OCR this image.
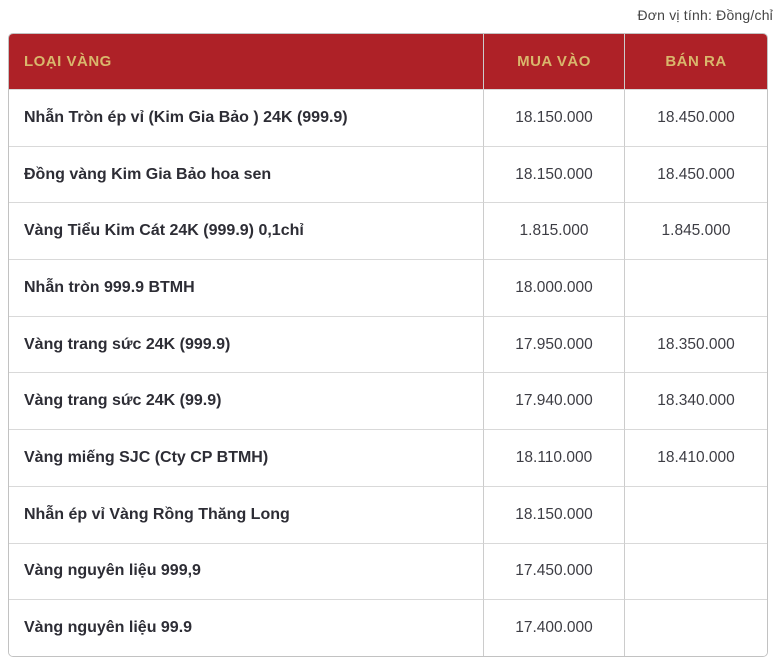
Đơn vị tính: Đồng/chỉ
LOẠI VÀNG	MUA VÀO	BÁN RA
Nhẫn Tròn ép vỉ (Kim Gia Bảo ) 24K (999.9)	18.150.000	18.450.000
Đồng vàng Kim Gia Bảo hoa sen	18.150.000	18.450.000
Vàng Tiểu Kim Cát 24K (999.9) 0,1chỉ	1.815.000	1.845.000
Nhẫn tròn 999.9 BTMH	18.000.000
Vàng trang sức 24K (999.9)	17.950.000	18.350.000
Vàng trang sức 24K (99.9)	17.940.000	18.340.000
Vàng miếng SJC (Cty CP BTMH)	18.110.000	18.410.000
Nhẫn ép vỉ Vàng Rồng Thăng Long	18.150.000
Vàng nguyên liệu 999,9	17.450.000
Vàng nguyên liệu 99.9	17.400.000
